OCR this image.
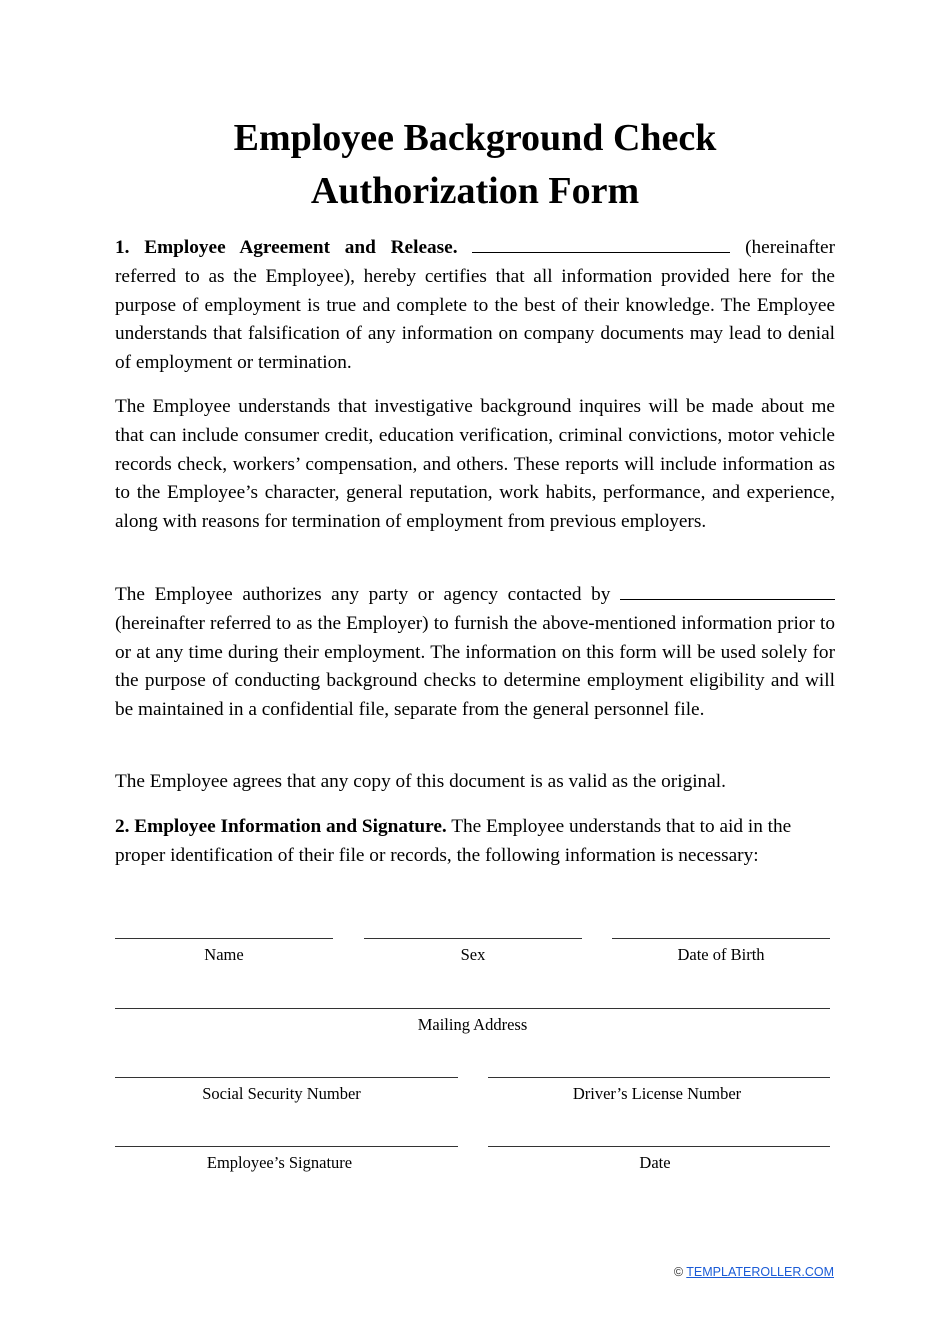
Employee Background Check
Authorization Form
1. Employee Agreement and Release.	(hereinafter referred to as the Employee), hereby certifies that all information provided here for the purpose of employment is true and complete to the best of their knowledge. The Employee understands that falsification of any information on company documents may lead to denial of employment or termination.
The Employee understands that investigative background inquires will be made about me that can include consumer credit, education verification, criminal convictions, motor vehicle records check, workers’ compensation, and others. These reports will include information as to the Employee’s character, general reputation, work habits, performance, and experience, along with reasons for termination of employment from previous employers.
The Employee authorizes any party or agency contacted by  (hereinafter referred to as the Employer) to furnish the above-mentioned information prior to or at any time during their employment. The information on this form will be used solely for the purpose of conducting background checks to determine employment eligibility and will be maintained in a confidential file, separate from the general personnel file.
The Employee agrees that any copy of this document is as valid as the original.
2. Employee Information and Signature. The Employee understands that to aid in the proper identification of their file or records, the following information is necessary:
Name	Sex	Date of Birth
Mailing Address
Social Security Number	Driver’s License Number
Employee’s Signature	Date
© TEMPLATEROLLER.COM
